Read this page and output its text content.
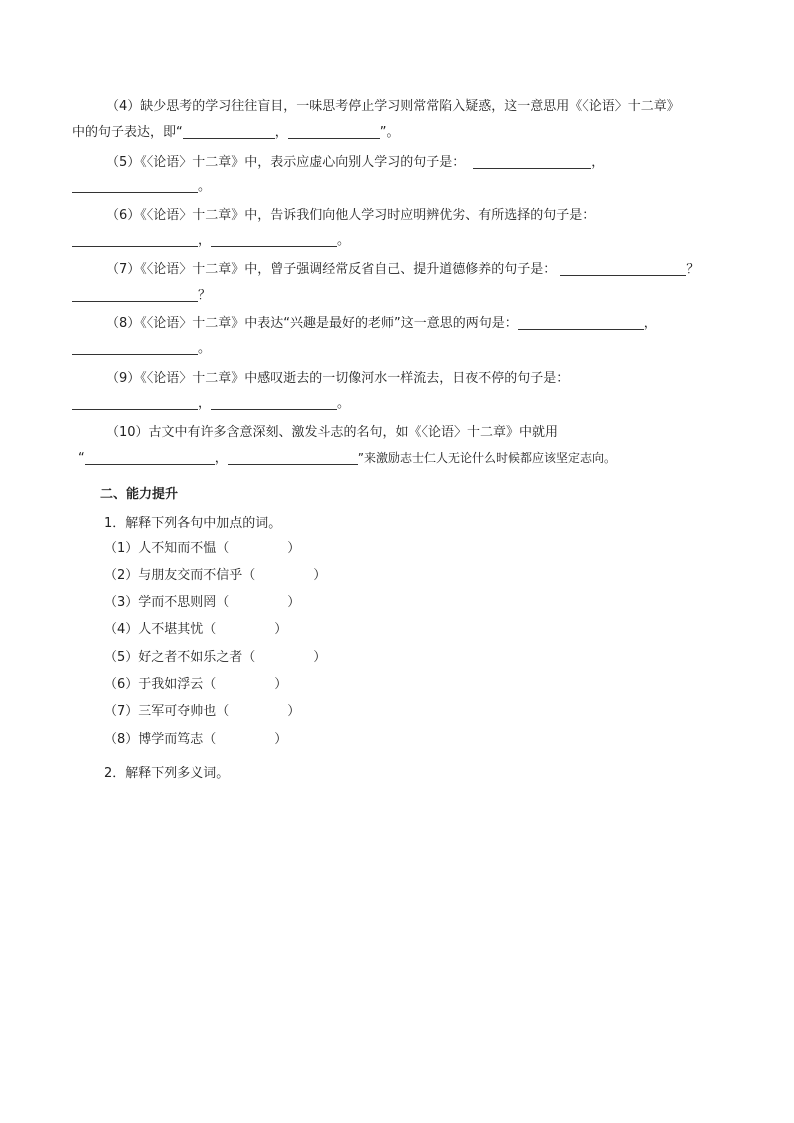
（4）缺少思考的学习往往盲目，一味思考停止学习则常常陷入疑惑，这一意思用《〈论语〉十二章》
中的句子表达，即“	，	”。
（5）《〈论语〉十二章》中，表示应虚心向别人学习的句子是：	，
。
（6）《〈论语〉十二章》中，告诉我们向他人学习时应明辨优劣、有所选择的句子是：
，	。
（7）《〈论语〉十二章》中，曾子强调经常反省自己、提升道德修养的句子是：	？
？
（8）《〈论语〉十二章》中表达“兴趣是最好的老师”这一意思的两句是：	，
。
（9）《〈论语〉十二章》中感叹逝去的一切像河水一样流去，日夜不停的句子是：
，	。
（10）古文中有许多含意深刻、激发斗志的名句，如《〈论语〉十二章》中就用
“	，	”来激励志士仁人无论什么时候都应该坚定志向。
二、能力提升
1．解释下列各句中加点的词。
（1）人不知而不愠（	）
（2）与朋友交而不信乎（	）
（3）学而不思则罔（	）
（4）人不堪其忧（	）
（5）好之者不如乐之者（	）
（6）于我如浮云（	）
（7）三军可夺帅也（	）
（8）博学而笃志（	）
2．解释下列多义词。
